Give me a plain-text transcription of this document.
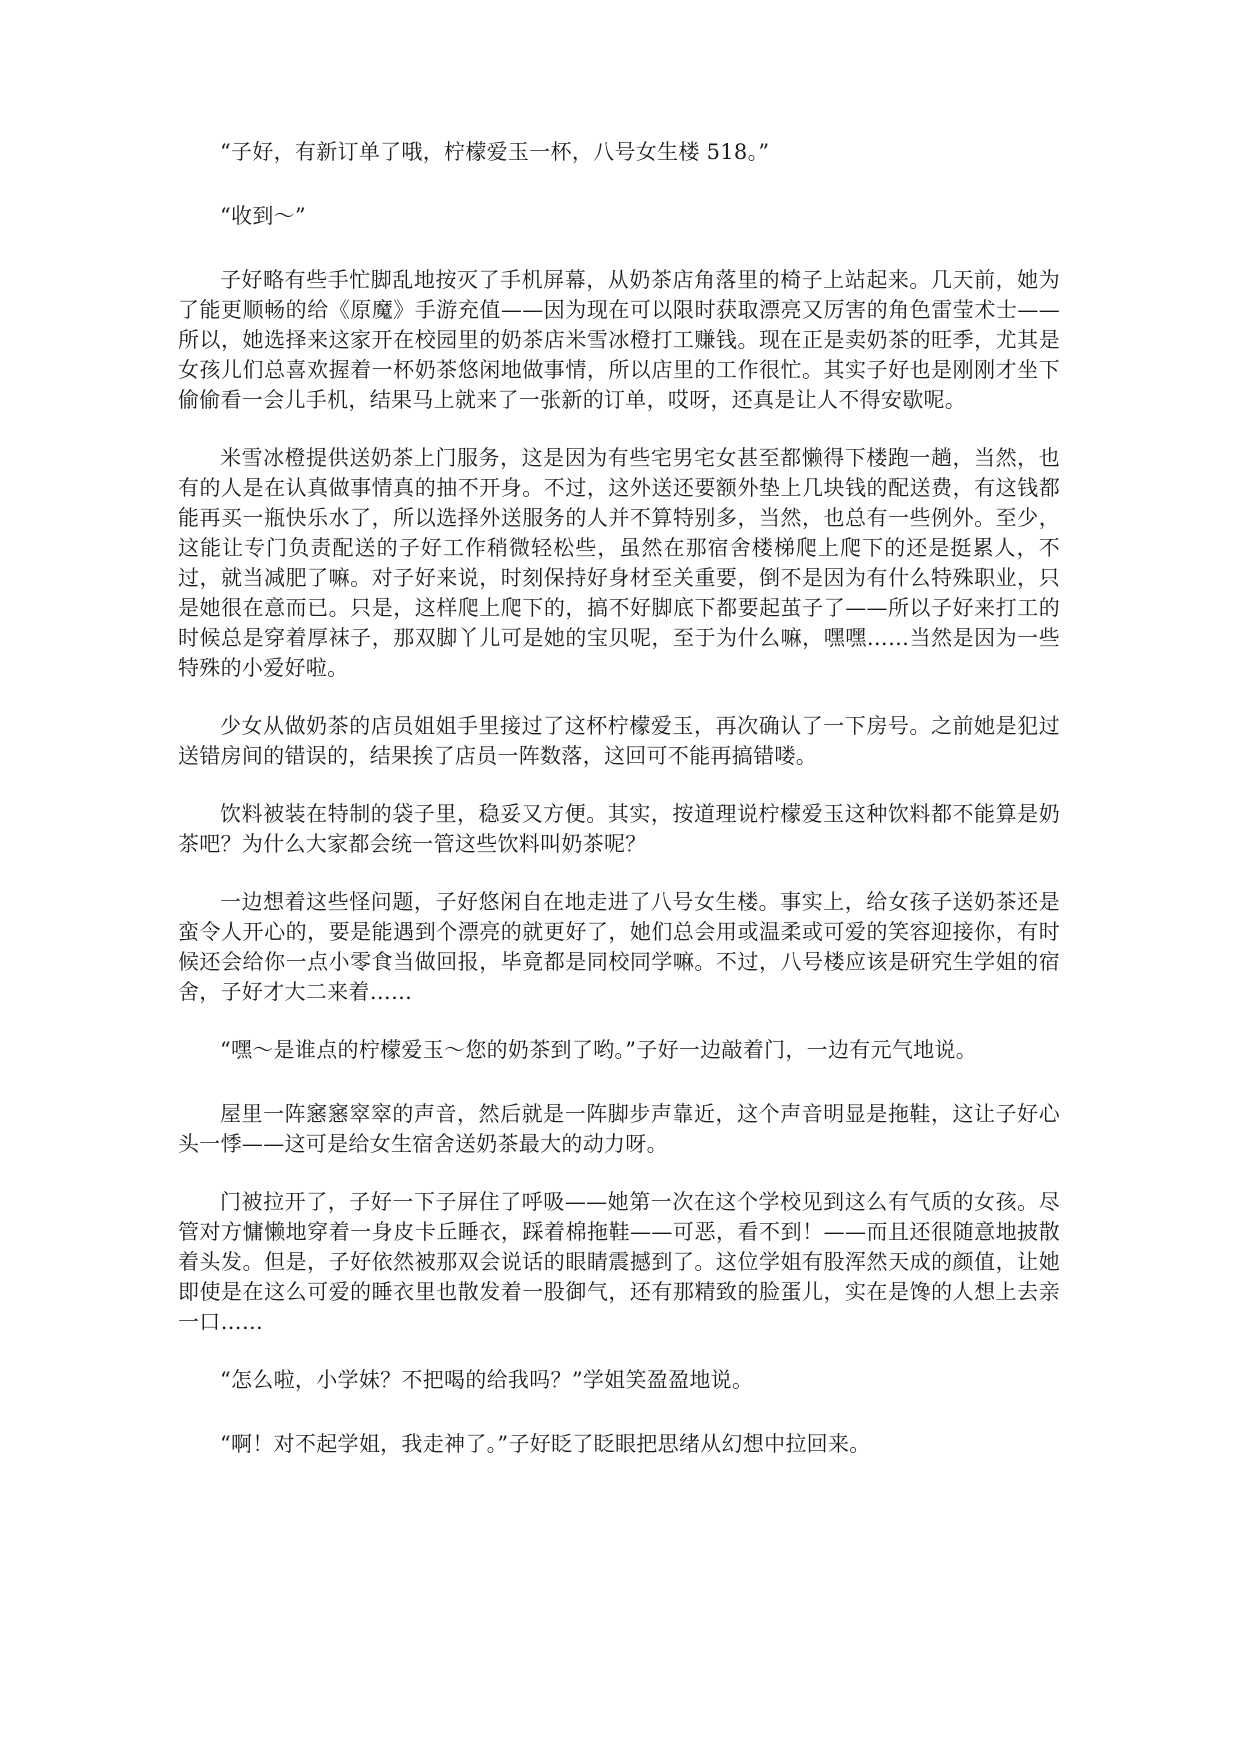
“子好，有新订单了哦，柠檬爱玉一杯，八号女生楼 518。”

“收到～”

子好略有些手忙脚乱地按灭了手机屏幕，从奶茶店角落里的椅子上站起来。几天前，她为了能更顺畅的给《原魔》手游充值——因为现在可以限时获取漂亮又厉害的角色雷莹术士——所以，她选择来这家开在校园里的奶茶店米雪冰橙打工赚钱。现在正是卖奶茶的旺季，尤其是女孩儿们总喜欢握着一杯奶茶悠闲地做事情，所以店里的工作很忙。其实子好也是刚刚才坐下偷偷看一会儿手机，结果马上就来了一张新的订单，哎呀，还真是让人不得安歇呢。

米雪冰橙提供送奶茶上门服务，这是因为有些宅男宅女甚至都懒得下楼跑一趟，当然，也有的人是在认真做事情真的抽不开身。不过，这外送还要额外垫上几块钱的配送费，有这钱都能再买一瓶快乐水了，所以选择外送服务的人并不算特别多，当然，也总有一些例外。至少，这能让专门负责配送的子好工作稍微轻松些，虽然在那宿舍楼梯爬上爬下的还是挺累人，不过，就当减肥了嘛。对子好来说，时刻保持好身材至关重要，倒不是因为有什么特殊职业，只是她很在意而已。只是，这样爬上爬下的，搞不好脚底下都要起茧子了——所以子好来打工的时候总是穿着厚袜子，那双脚丫儿可是她的宝贝呢，至于为什么嘛，嘿嘿……当然是因为一些特殊的小爱好啦。

少女从做奶茶的店员姐姐手里接过了这杯柠檬爱玉，再次确认了一下房号。之前她是犯过送错房间的错误的，结果挨了店员一阵数落，这回可不能再搞错喽。

饮料被装在特制的袋子里，稳妥又方便。其实，按道理说柠檬爱玉这种饮料都不能算是奶茶吧？为什么大家都会统一管这些饮料叫奶茶呢？

一边想着这些怪问题，子好悠闲自在地走进了八号女生楼。事实上，给女孩子送奶茶还是蛮令人开心的，要是能遇到个漂亮的就更好了，她们总会用或温柔或可爱的笑容迎接你，有时候还会给你一点小零食当做回报，毕竟都是同校同学嘛。不过，八号楼应该是研究生学姐的宿舍，子好才大二来着……

“嘿～是谁点的柠檬爱玉～您的奶茶到了哟。”子好一边敲着门，一边有元气地说。

屋里一阵窸窸窣窣的声音，然后就是一阵脚步声靠近，这个声音明显是拖鞋，这让子好心头一悸——这可是给女生宿舍送奶茶最大的动力呀。

门被拉开了，子好一下子屏住了呼吸——她第一次在这个学校见到这么有气质的女孩。尽管对方慵懒地穿着一身皮卡丘睡衣，踩着棉拖鞋——可恶，看不到！——而且还很随意地披散着头发。但是，子好依然被那双会说话的眼睛震撼到了。这位学姐有股浑然天成的颜值，让她即使是在这么可爱的睡衣里也散发着一股御气，还有那精致的脸蛋儿，实在是馋的人想上去亲一口……

“怎么啦，小学妹？不把喝的给我吗？”学姐笑盈盈地说。

“啊！对不起学姐，我走神了。”子好眨了眨眼把思绪从幻想中拉回来。
